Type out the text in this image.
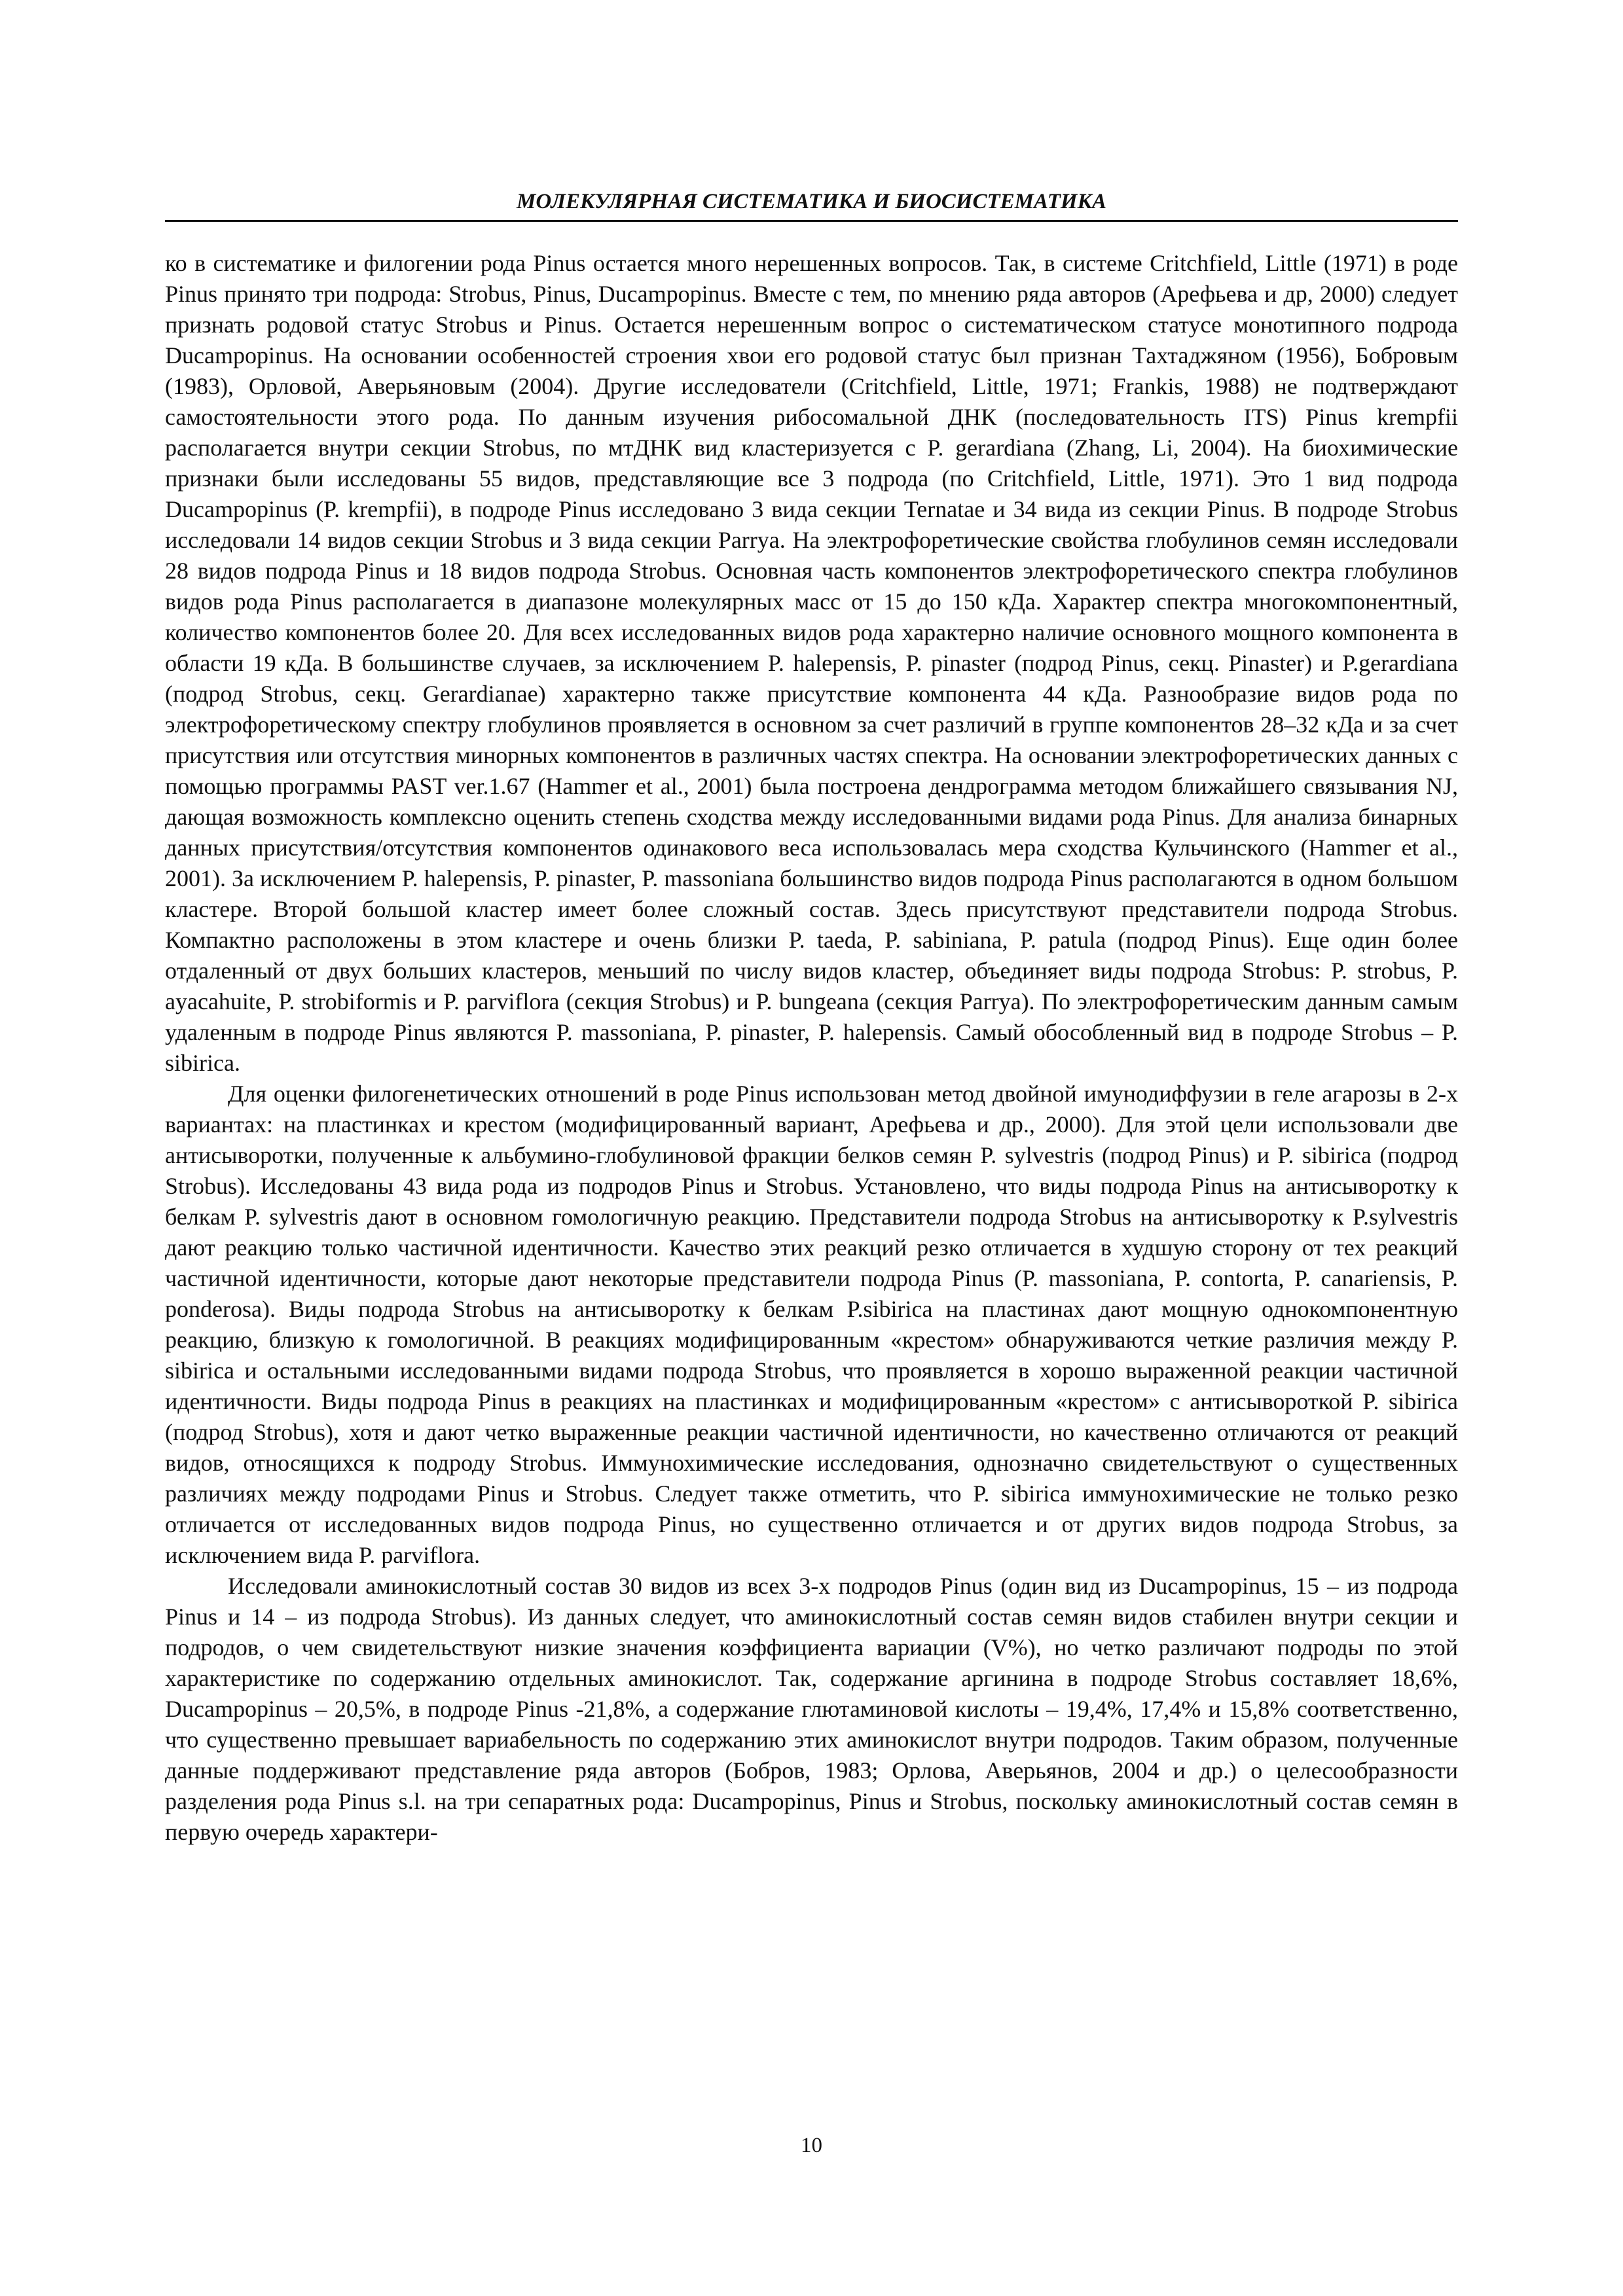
МОЛЕКУЛЯРНАЯ СИСТЕМАТИКА И БИОСИСТЕМАТИКА

ко в систематике и филогении рода Pinus остается много нерешенных вопросов. Так, в системе Critchfield, Little (1971) в роде Pinus принято три подрода: Strobus, Pinus, Ducampopinus. Вместе с тем, по мнению ряда авторов (Арефьева и др, 2000) следует признать родовой статус Strobus и Pinus. Остается нерешенным вопрос о систематическом статусе монотипного подрода Ducampopinus. На основании особенностей строения хвои его родовой статус был признан Тахтаджяном (1956), Бобровым (1983), Орловой, Аверьяновым (2004). Другие исследователи (Critchfield, Little, 1971; Frankis, 1988) не подтверждают самостоятельности этого рода. По данным изучения рибосомальной ДНК (последовательность ITS) Pinus krempfii располагается внутри секции Strobus, по мтДНК вид кластеризуется с P. gerardiana (Zhang, Li, 2004). На биохимические признаки были исследованы 55 видов, представляющие все 3 подрода (по Critchfield, Little, 1971). Это 1 вид подрода Ducampopinus (P. krempfii), в подроде Pinus исследовано 3 вида секции Ternatae и 34 вида из секции Pinus. В подроде Strobus исследовали 14 видов секции Strobus и 3 вида секции Parrya. На электрофоретические свойства глобулинов семян исследовали 28 видов подрода Pinus и 18 видов подрода Strobus. Основная часть компонентов электрофоретического спектра глобулинов видов рода Pinus располагается в диапазоне молекулярных масс от 15 до 150 кДа. Характер спектра многокомпонентный, количество компонентов более 20. Для всех исследованных видов рода характерно наличие основного мощного компонента в области 19 кДа. В большинстве случаев, за исключением P. halepensis, P. pinaster (подрод Pinus, секц. Pinaster) и P.gerardiana (подрод Strobus, секц. Gerardianae) характерно также присутствие компонента 44 кДа. Разнообразие видов рода по электрофоретическому спектру глобулинов проявляется в основном за счет различий в группе компонентов 28–32 кДа и за счет присутствия или отсутствия минорных компонентов в различных частях спектра. На основании электрофоретических данных с помощью программы PAST ver.1.67 (Hammer et al., 2001) была построена дендрограмма методом ближайшего связывания NJ, дающая возможность комплексно оценить степень сходства между исследованными видами рода Pinus. Для анализа бинарных данных присутствия/отсутствия компонентов одинакового веса использовалась мера сходства Кульчинского (Hammer et al., 2001). За исключением P. halepensis, P. pinaster, P. massoniana большинство видов подрода Pinus располагаются в одном большом кластере. Второй большой кластер имеет более сложный состав. Здесь присутствуют представители подрода Strobus. Компактно расположены в этом кластере и очень близки P. taeda, P. sabiniana, P. patula (подрод Pinus). Еще один более отдаленный от двух больших кластеров, меньший по числу видов кластер, объединяет виды подрода Strobus: P. strobus, P. ayacahuite, P. strobiformis и P. parviflora (секция Strobus) и P. bungeana (секция Parrya). По электрофоретическим данным самым удаленным в подроде Pinus являются P. massoniana, P. pinaster, P. halepensis. Самый обособленный вид в подроде Strobus – P. sibirica.

Для оценки филогенетических отношений в роде Pinus использован метод двойной имунодиффузии в геле агарозы в 2-х вариантах: на пластинках и крестом (модифицированный вариант, Арефьева и др., 2000). Для этой цели использовали две антисыворотки, полученные к альбумино-глобулиновой фракции белков семян P. sylvestris (подрод Pinus) и P. sibirica (подрод Strobus). Исследованы 43 вида рода из подродов Pinus и Strobus. Установлено, что виды подрода Pinus на антисыворотку к белкам P. sylvestris дают в основном гомологичную реакцию. Представители подрода Strobus на антисыворотку к P.sylvestris дают реакцию только частичной идентичности. Качество этих реакций резко отличается в худшую сторону от тех реакций частичной идентичности, которые дают некоторые представители подрода Pinus (P. massoniana, P. contorta, P. canariensis, P. ponderosa). Виды подрода Strobus на антисыворотку к белкам P.sibirica на пластинах дают мощную однокомпонентную реакцию, близкую к гомологичной. В реакциях модифицированным «крестом» обнаруживаются четкие различия между P. sibirica и остальными исследованными видами подрода Strobus, что проявляется в хорошо выраженной реакции частичной идентичности. Виды подрода Pinus в реакциях на пластинках и модифицированным «крестом» с антисывороткой P. sibirica (подрод Strobus), хотя и дают четко выраженные реакции частичной идентичности, но качественно отличаются от реакций видов, относящихся к подроду Strobus. Иммунохимические исследования, однозначно свидетельствуют о существенных различиях между подродами Pinus и Strobus. Следует также отметить, что P. sibirica иммунохимические не только резко отличается от исследованных видов подрода Pinus, но существенно отличается и от других видов подрода Strobus, за исключением вида P. parviflora.

Исследовали аминокислотный состав 30 видов из всех 3-х подродов Pinus (один вид из Ducampopinus, 15 – из подрода Pinus и 14 – из подрода Strobus). Из данных следует, что аминокислотный состав семян видов стабилен внутри секции и подродов, о чем свидетельствуют низкие значения коэффициента вариации (V%), но четко различают подроды по этой характеристике по содержанию отдельных аминокислот. Так, содержание аргинина в подроде Strobus составляет 18,6%, Ducampopinus – 20,5%, в подроде Pinus -21,8%, а содержание глютаминовой кислоты – 19,4%, 17,4% и 15,8% соответственно, что существенно превышает вариабельность по содержанию этих аминокислот внутри подродов. Таким образом, полученные данные поддерживают представление ряда авторов (Бобров, 1983; Орлова, Аверьянов, 2004 и др.) о целесообразности разделения рода Pinus s.l. на три сепаратных рода: Ducampopinus, Pinus и Strobus, поскольку аминокислотный состав семян в первую очередь характери-

10
